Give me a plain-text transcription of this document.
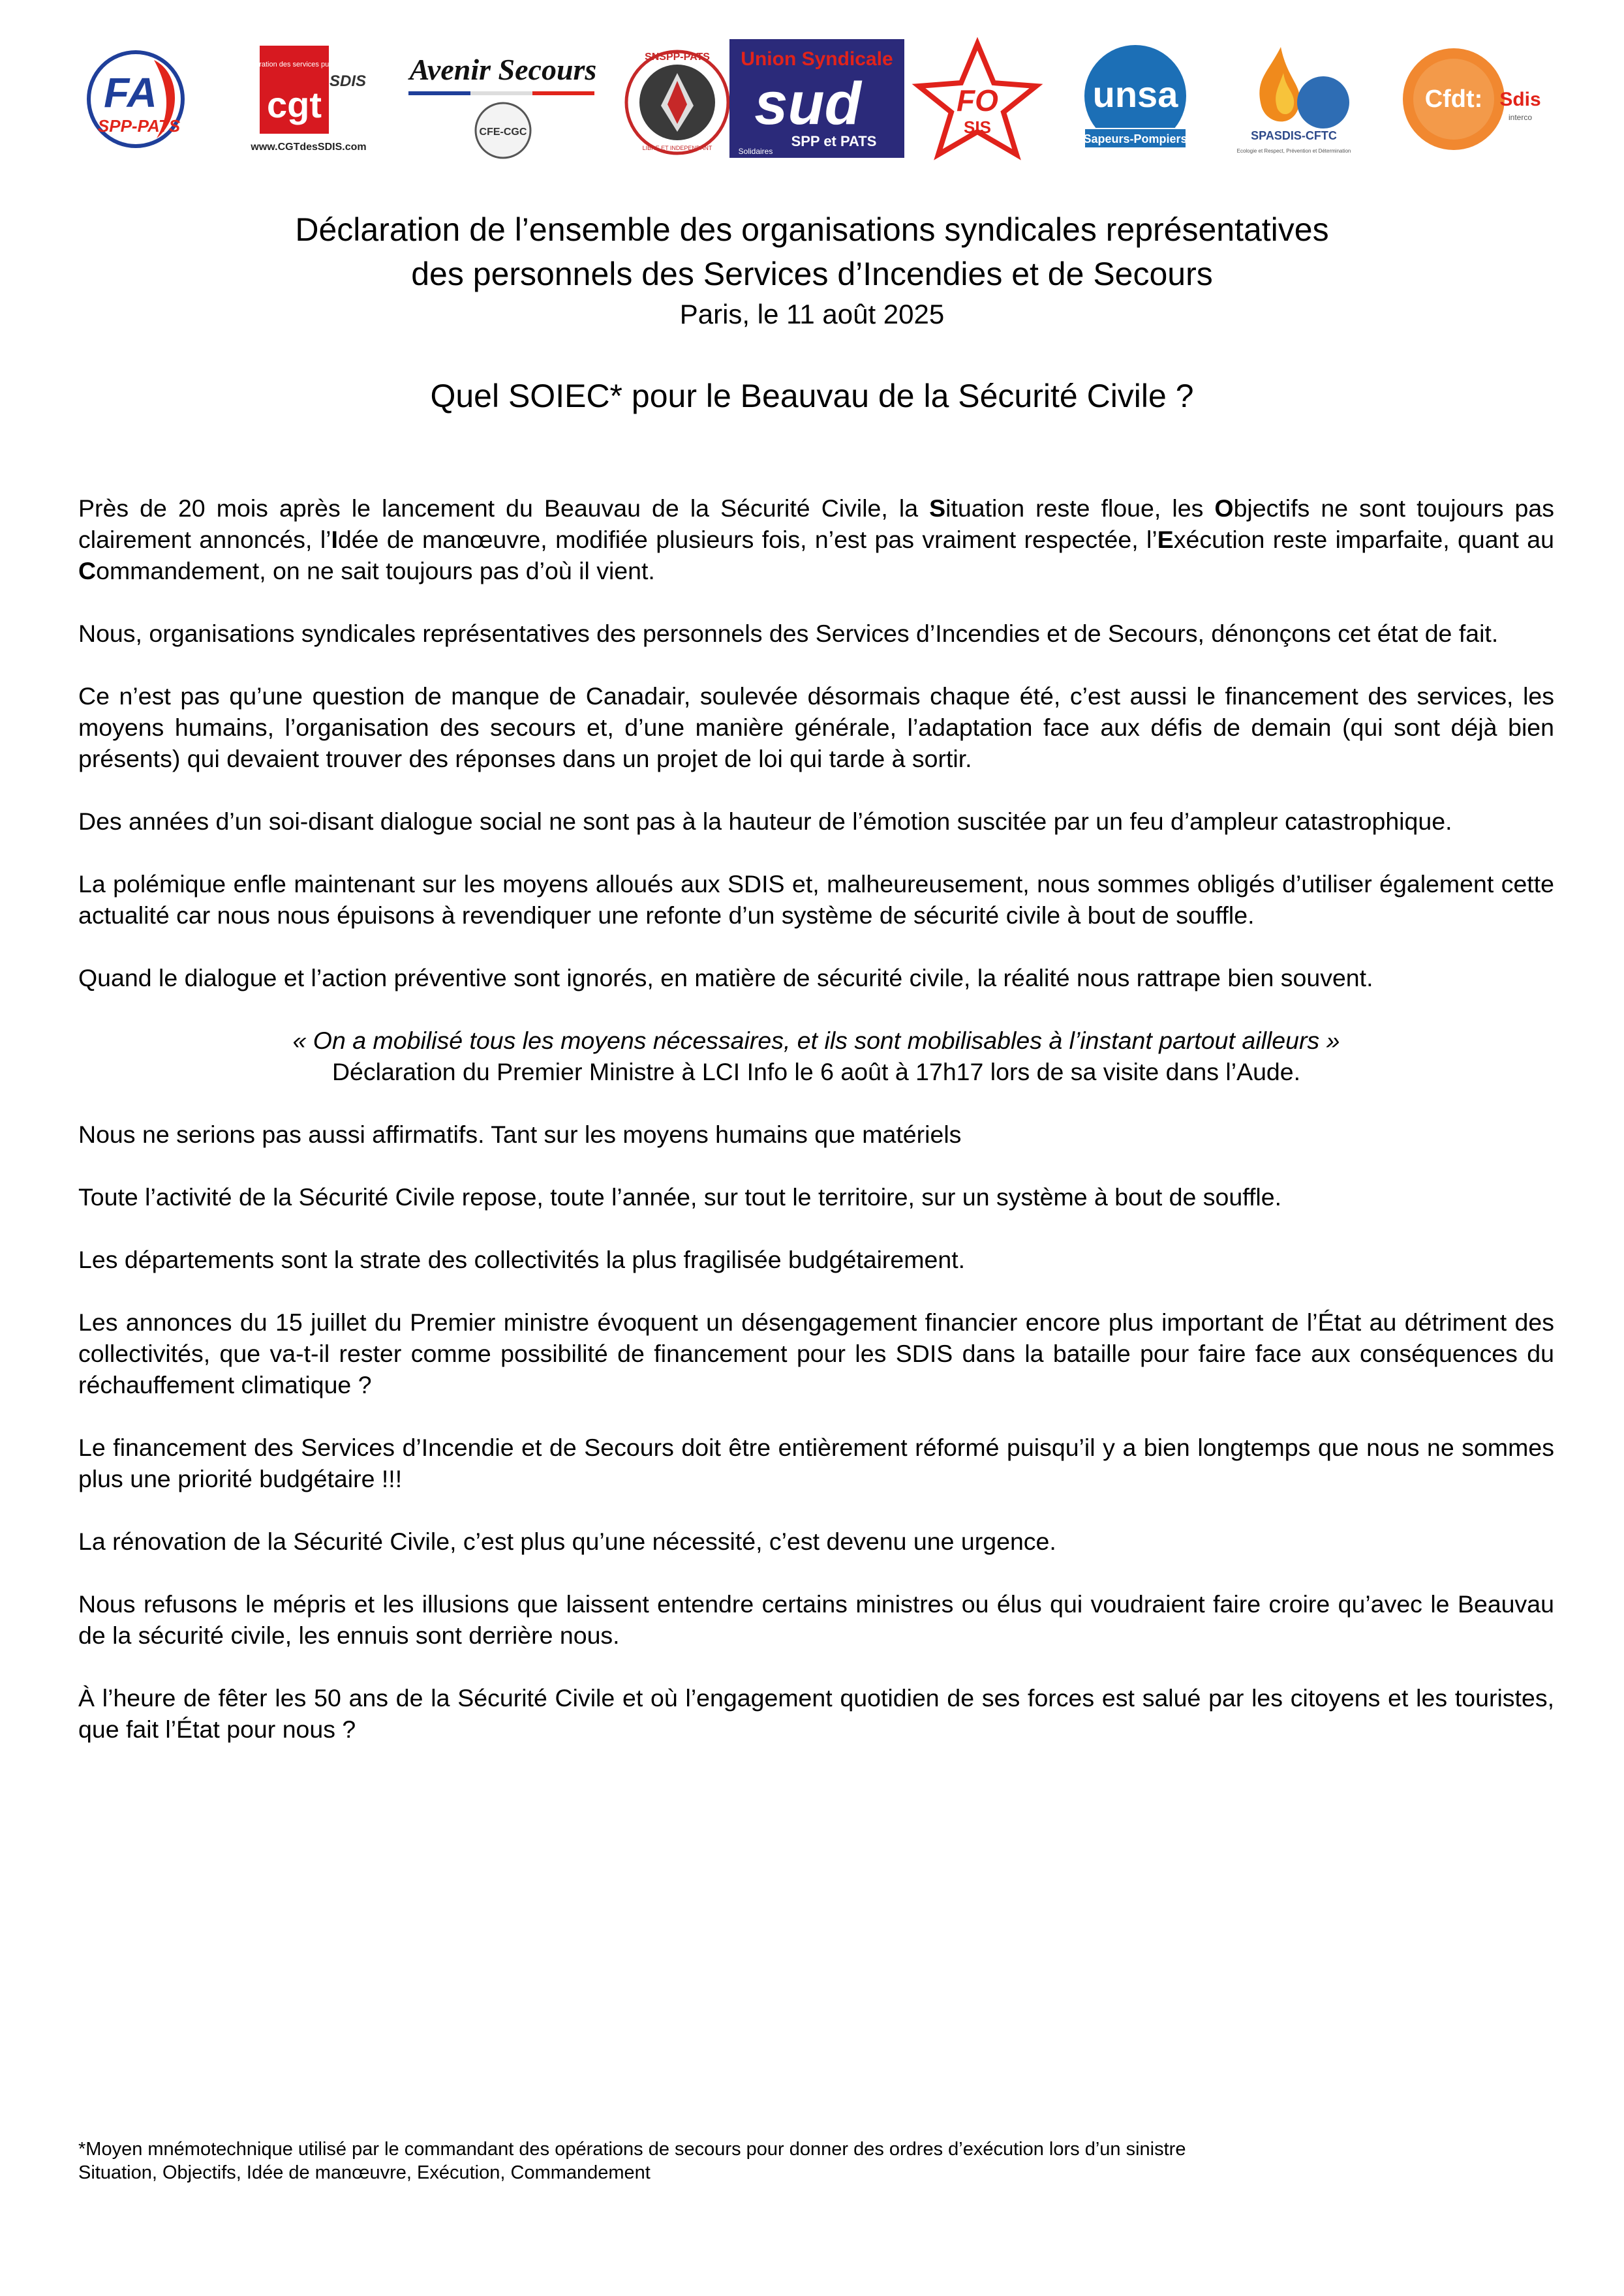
FA
SPP-PATS
fédération des services publics
cgt
SDIS
www.CGTdesSDIS.com
Avenir Secours
CFE-CGC
SNSPP-PATS
LIBRE ET INDEPENDANT
Union Syndicale
sud
SPP et PATS
Solidaires
FO
SIS
unsa
Sapeurs-Pompiers	SPASDIS-CFTC
Ecologie et Respect, Prévention et Détermination
Cfdt: Sdis
interco
Déclaration de l’ensemble des organisations syndicales représentatives
des personnels des Services d’Incendies et de Secours
Paris, le 11 août 2025
Quel SOIEC* pour le Beauvau de la Sécurité Civile ?

Près de 20 mois après le lancement du Beauvau de la Sécurité Civile, la Situation reste floue, les Objectifs ne sont toujours pas clairement annoncés, l’Idée de manœuvre, modifiée plusieurs fois, n’est pas vraiment respectée, l’Exécution reste imparfaite, quant au Commandement, on ne sait toujours pas d’où il vient.

Nous, organisations syndicales représentatives des personnels des Services d’Incendies et de Secours, dénonçons cet état de fait.

Ce n’est pas qu’une question de manque de Canadair, soulevée désormais chaque été, c’est aussi le financement des services, les moyens humains, l’organisation des secours et, d’une manière générale, l’adaptation face aux défis de demain (qui sont déjà bien présents) qui devaient trouver des réponses dans un projet de loi qui tarde à sortir.

Des années d’un soi-disant dialogue social ne sont pas à la hauteur de l’émotion suscitée par un feu d’ampleur catastrophique.

La polémique enfle maintenant sur les moyens alloués aux SDIS et, malheureusement, nous sommes obligés d’utiliser également cette actualité car nous nous épuisons à revendiquer une refonte d’un système de sécurité civile à bout de souffle.

Quand le dialogue et l’action préventive sont ignorés, en matière de sécurité civile, la réalité nous rattrape bien souvent.

« On a mobilisé tous les moyens nécessaires, et ils sont mobilisables à l’instant partout ailleurs »
Déclaration du Premier Ministre à LCI Info le 6 août à 17h17 lors de sa visite dans l’Aude.

Nous ne serions pas aussi affirmatifs. Tant sur les moyens humains que matériels

Toute l’activité de la Sécurité Civile repose, toute l’année, sur tout le territoire, sur un système à bout de souffle.

Les départements sont la strate des collectivités la plus fragilisée budgétairement.

Les annonces du 15 juillet du Premier ministre évoquent un désengagement financier encore plus important de l’État au détriment des collectivités, que va-t-il rester comme possibilité de financement pour les SDIS dans la bataille pour faire face aux conséquences du réchauffement climatique ?

Le financement des Services d’Incendie et de Secours doit être entièrement réformé puisqu’il y a bien longtemps que nous ne sommes plus une priorité budgétaire !!!

La rénovation de la Sécurité Civile, c’est plus qu’une nécessité, c’est devenu une urgence.

Nous refusons le mépris et les illusions que laissent entendre certains ministres ou élus qui voudraient faire croire qu’avec le Beauvau de la sécurité civile, les ennuis sont derrière nous.

À l’heure de fêter les 50 ans de la Sécurité Civile et où l’engagement quotidien de ses forces est salué par les citoyens et les touristes, que fait l’État pour nous ?

*Moyen mnémotechnique utilisé par le commandant des opérations de secours pour donner des ordres d’exécution lors d’un sinistre
Situation, Objectifs, Idée de manœuvre, Exécution, Commandement
